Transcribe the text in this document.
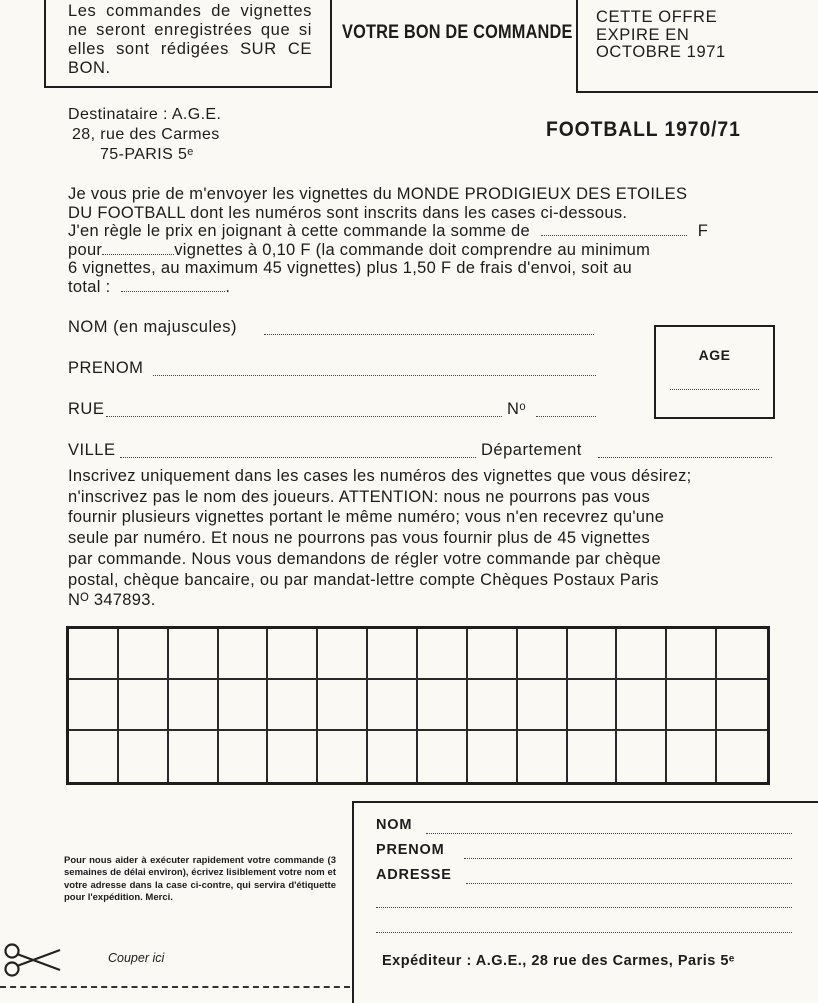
Les commandes de vignettes ne seront enregistrées que si elles sont rédigées SUR CE BON.

VOTRE BON DE COMMANDE

CETTE OFFRE EXPIRE EN OCTOBRE 1971

Destinataire : A.G.E.
28, rue des Carmes
75-PARIS 5ᵉ
FOOTBALL 1970/71
Je vous prie de m'envoyer les vignettes du MONDE PRODIGIEUX DES ETOILES
DU FOOTBALL dont les numéros sont inscrits dans les cases ci-dessous.
J'en règle le prix en joignant à cette commande la somme de	F
pour	vignettes à 0,10 F (la commande doit comprendre au minimum
6 vignettes, au maximum 45 vignettes) plus 1,50 F de frais d'envoi, soit au
total :	.
NOM (en majuscules)
PRENOM
RUE	Nᵒ
VILLE	Département
AGE
Inscrivez uniquement dans les cases les numéros des vignettes que vous désirez;
n'inscrivez pas le nom des joueurs. ATTENTION: nous ne pourrons pas vous
fournir plusieurs vignettes portant le même numéro; vous n'en recevrez qu'une
seule par numéro. Et nous ne pourrons pas vous fournir plus de 45 vignettes
par commande. Nous vous demandons de régler votre commande par chèque
postal, chèque bancaire, ou par mandat-lettre compte Chèques Postaux Paris
Nᴼ 347893.
Pour nous aider à exécuter rapidement votre commande (3 semaines de délai environ), écrivez lisiblement votre nom et votre adresse dans la case ci-contre, qui servira d'étiquette pour l'expédition. Merci.
Couper ici
NOM
PRENOM
ADRESSE
Expéditeur : A.G.E., 28 rue des Carmes, Paris 5ᵉ
